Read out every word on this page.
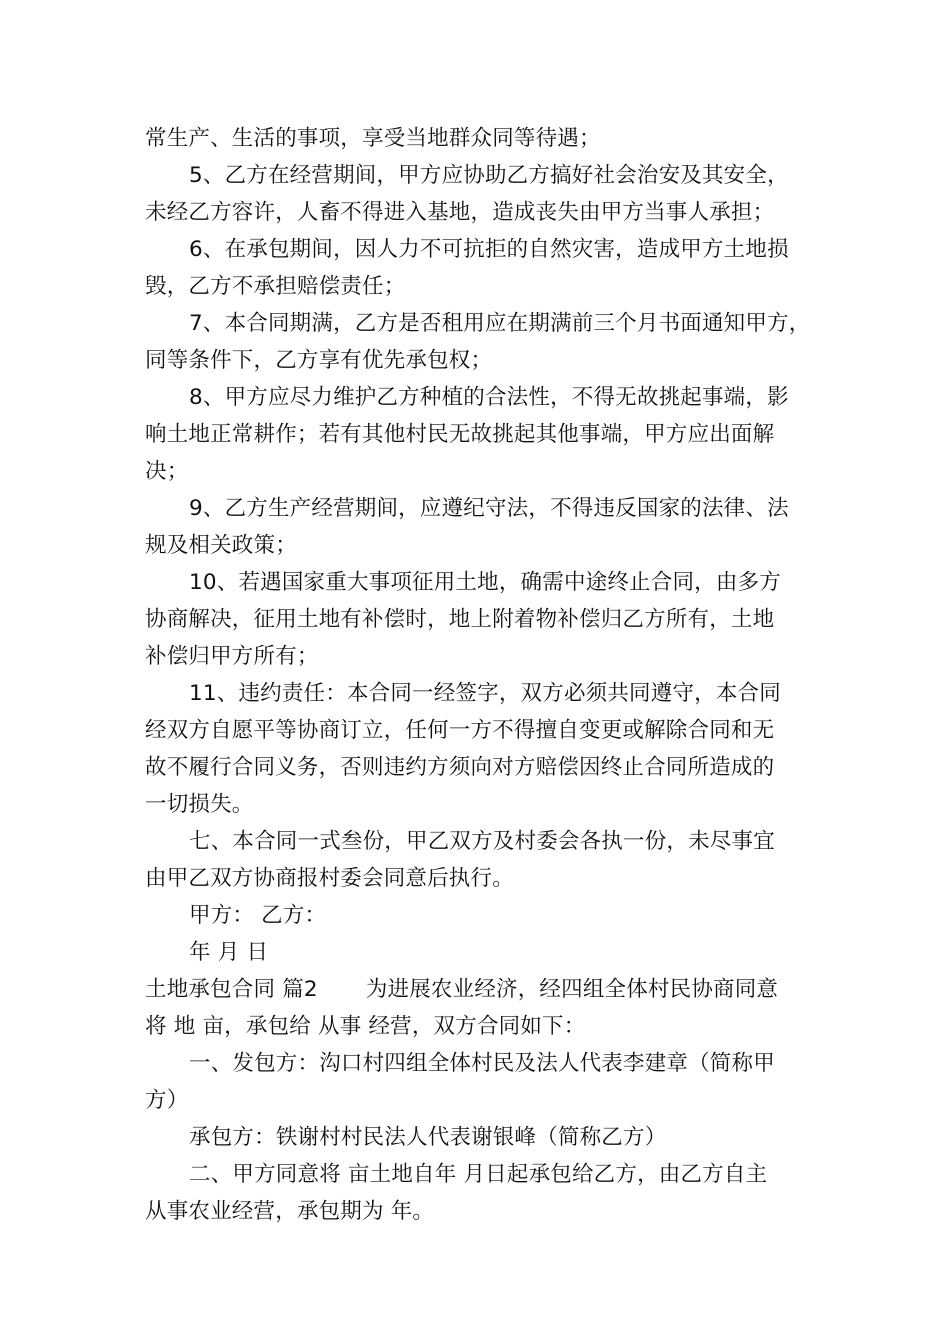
常生产、生活的事项，享受当地群众同等待遇；
5、乙方在经营期间，甲方应协助乙方搞好社会治安及其安全，
未经乙方容许，人畜不得进入基地，造成丧失由甲方当事人承担；
6、在承包期间，因人力不可抗拒的自然灾害，造成甲方土地损
毁，乙方不承担赔偿责任；
7、本合同期满，乙方是否租用应在期满前三个月书面通知甲方，
同等条件下，乙方享有优先承包权；
8、甲方应尽力维护乙方种植的合法性，不得无故挑起事端，影
响土地正常耕作；若有其他村民无故挑起其他事端，甲方应出面解
决；
9、乙方生产经营期间，应遵纪守法，不得违反国家的法律、法
规及相关政策；
10、若遇国家重大事项征用土地，确需中途终止合同，由多方
协商解决，征用土地有补偿时，地上附着物补偿归乙方所有，土地
补偿归甲方所有；
11、违约责任：本合同一经签字，双方必须共同遵守，本合同
经双方自愿平等协商订立，任何一方不得擅自变更或解除合同和无
故不履行合同义务，否则违约方须向对方赔偿因终止合同所造成的
一切损失。
七、本合同一式叁份，甲乙双方及村委会各执一份，未尽事宜
由甲乙双方协商报村委会同意后执行。
甲方： 乙方：
年 月 日
土地承包合同 篇2 为进展农业经济，经四组全体村民协商同意
将 地 亩，承包给 从事 经营，双方合同如下：
一、发包方：沟口村四组全体村民及法人代表李建章（简称甲
方）
承包方：铁谢村村民法人代表谢银峰（简称乙方）
二、甲方同意将 亩土地自年 月日起承包给乙方，由乙方自主
从事农业经营，承包期为 年。
